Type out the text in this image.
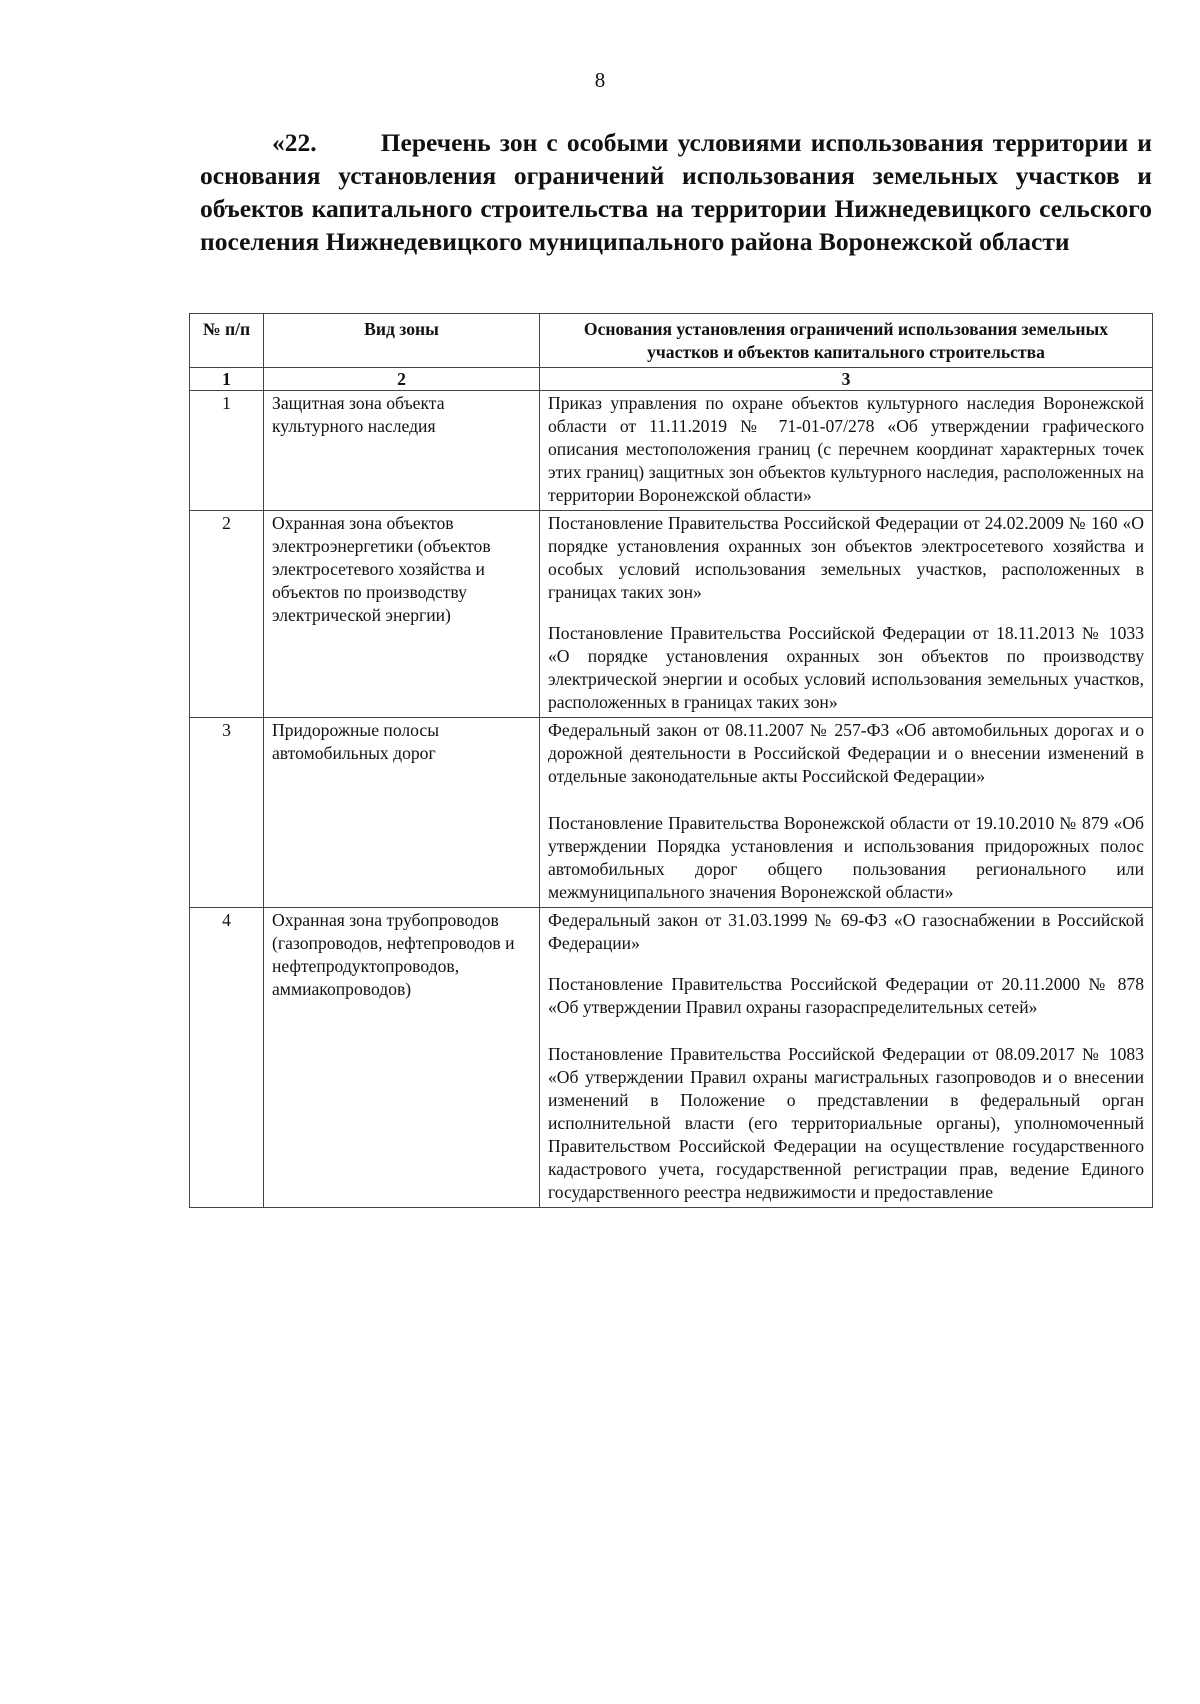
8

«22.	Перечень зон с особыми условиями использования территории и основания установления ограничений использования земельных участков и объектов капитального строительства на территории Нижнедевицкого сельского поселения Нижнедевицкого муниципального района Воронежской области

№ п/п	Вид зоны	Основания установления ограничений использования земельных участков и объектов капитального строительства
1	2	3
1	Защитная зона объекта культурного наследия	Приказ управления по охране объектов культурного наследия Воронежской области от 11.11.2019 № 71-01-07/278 «Об утверждении графического описания местоположения границ (с перечнем координат характерных точек этих границ) защитных зон объектов культурного наследия, расположенных на территории Воронежской области»

2	Охранная зона объектов электроэнергетики (объектов электросетевого хозяйства и объектов по производству электрической энергии)	Постановление Правительства Российской Федерации от 24.02.2009 № 160 «О порядке установления охранных зон объектов электросетевого хозяйства и особых условий использования земельных участков, расположенных в границах таких зон»

Постановление Правительства Российской Федерации от 18.11.2013 № 1033 «О порядке установления охранных зон объектов по производству электрической энергии и особых условий использования земельных участков, расположенных в границах таких зон»

3	Придорожные полосы автомобильных дорог	Федеральный закон от 08.11.2007 № 257-ФЗ «Об автомобильных дорогах и о дорожной деятельности в Российской Федерации и о внесении изменений в отдельные законодательные акты Российской Федерации»

Постановление Правительства Воронежской области от 19.10.2010 № 879 «Об утверждении Порядка установления и использования придорожных полос автомобильных дорог общего пользования регионального или межмуниципального значения Воронежской области»

4	Охранная зона трубопроводов (газопроводов, нефтепроводов и нефтепродуктопроводов, аммиакопроводов)	Федеральный закон от 31.03.1999 № 69-ФЗ «О газоснабжении в Российской Федерации»

Постановление Правительства Российской Федерации от 20.11.2000 № 878 «Об утверждении Правил охраны газораспределительных сетей»

Постановление Правительства Российской Федерации от 08.09.2017 № 1083 «Об утверждении Правил охраны магистральных газопроводов и о внесении изменений в Положение о представлении в федеральный орган исполнительной власти (его территориальные органы), уполномоченный Правительством Российской Федерации на осуществление государственного кадастрового учета, государственной регистрации прав, ведение Единого государственного реестра недвижимости и предоставление
